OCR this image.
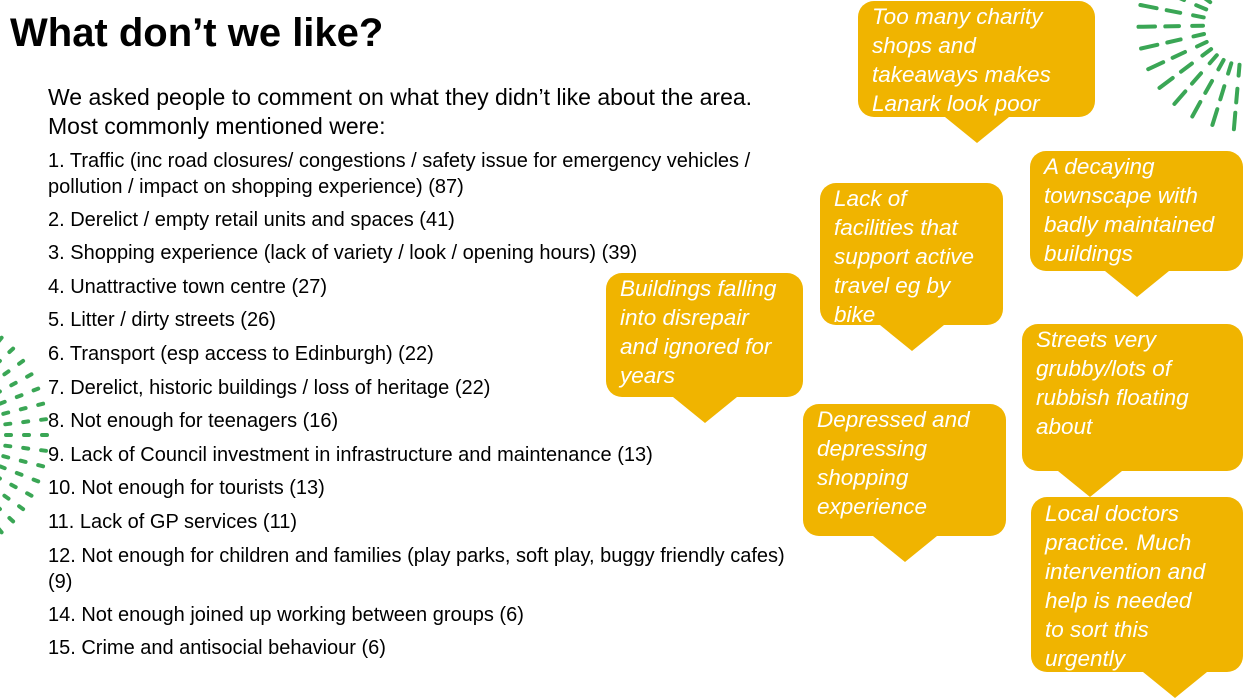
What don’t we like?
We asked people to comment on what they didn’t like about the area.
Most commonly mentioned were:
1. Traffic (inc road closures/ congestions / safety issue for emergency vehicles / pollution / impact on shopping experience) (87)
2. Derelict / empty retail units and spaces (41)
3. Shopping experience (lack of variety / look / opening hours) (39)
4. Unattractive town centre (27)
5. Litter / dirty streets (26)
6. Transport (esp access to Edinburgh) (22)
7. Derelict, historic buildings / loss of heritage (22)
8. Not enough for teenagers (16)
9. Lack of Council investment in infrastructure and maintenance (13)
10. Not enough for tourists (13)
11. Lack of GP services (11)
12. Not enough for children and families (play parks, soft play, buggy friendly cafes) (9)
14. Not enough joined up working between groups (6)
15. Crime and antisocial behaviour (6)
Too many charity
shops and
takeaways makes
Lanark look poor
Lack of
facilities that
support active
travel eg by
bike
A decaying
townscape with
badly maintained
buildings
Buildings falling
into disrepair
and ignored for
years
Streets very
grubby/lots of
rubbish floating
about
Depressed and
depressing
shopping
experience	Local doctors
practice. Much
intervention and
help is needed
to sort this
urgently
